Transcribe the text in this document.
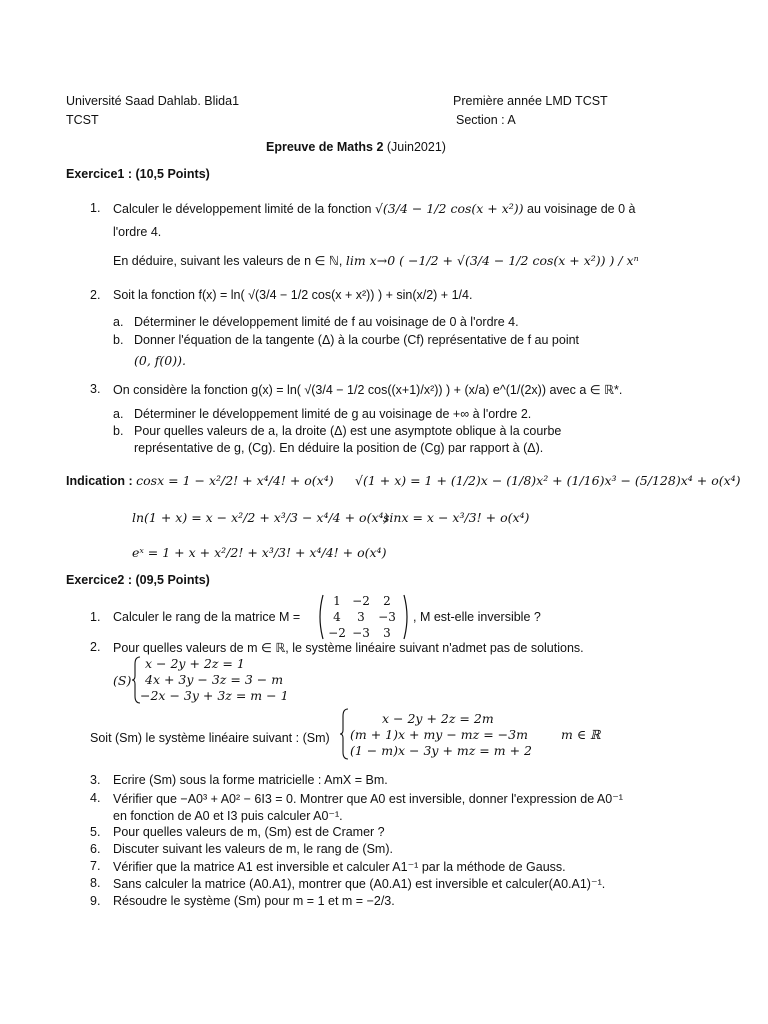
Université Saad Dahlab. Blida1
TCST
Première année LMD TCST
Section : A
Epreuve de Maths 2 (Juin2021)
Exercice1 : (10,5 Points)
1. Calculer le développement limité de la fonction √(3/4 − 1/2 cos(x + x²)) au voisinage de 0 à
l'ordre 4.
En déduire, suivant les valeurs de n ∈ ℕ, lim x→0 ( −1/2 + √(3/4 − 1/2 cos(x + x²)) ) / xⁿ
2. Soit la fonction f(x) = ln( √(3/4 − 1/2 cos(x + x²)) ) + sin(x/2) + 1/4.
a. Déterminer le développement limité de f au voisinage de 0 à l'ordre 4.
b. Donner l'équation de la tangente (Δ) à la courbe (Cf) représentative de f au point
(0, f(0)).
3. On considère la fonction g(x) = ln( √(3/4 − 1/2 cos((x+1)/x²)) ) + (x/a) e^(1/(2x)) avec a ∈ ℝ*.
a. Déterminer le développement limité de g au voisinage de +∞ à l'ordre 2.
b. Pour quelles valeurs de a, la droite (Δ) est une asymptote oblique à la courbe
représentative de g, (Cg). En déduire la position de (Cg) par rapport à (Δ).
Indication : cosx = 1 − x²/2! + x⁴/4! + o(x⁴) √(1 + x) = 1 + (1/2)x − (1/8)x² + (1/16)x³ − (5/128)x⁴ + o(x⁴)
ln(1 + x) = x − x²/2 + x³/3 − x⁴/4 + o(x⁴)
sinx = x − x³/3! + o(x⁴)
eˣ = 1 + x + x²/2! + x³/3! + x⁴/4! + o(x⁴)
Exercice2 : (09,5 Points)
1. Calculer le rang de la matrice M =
1 −2	2
4	3	−3
−2 −3	3
, M est-elle inversible ?
2. Pour quelles valeurs de m ∈ ℝ, le système linéaire suivant n'admet pas de solutions.
(S)
x − 2y + 2z = 1
4x + 3y − 3z = 3 − m
−2x − 3y + 3z = m − 1
Soit (Sm) le système linéaire suivant : (Sm)
x − 2y + 2z = 2m
(m + 1)x + my − mz = −3m
(1 − m)x − 3y + mz = m + 2
m ∈ ℝ
3. Ecrire (Sm) sous la forme matricielle : AmX = Bm.
4. Vérifier que −A0³ + A0² − 6I3 = 0. Montrer que A0 est inversible, donner l'expression de A0⁻¹
en fonction de A0 et I3 puis calculer A0⁻¹.
5. Pour quelles valeurs de m, (Sm) est de Cramer ?
6. Discuter suivant les valeurs de m, le rang de (Sm).
7. Vérifier que la matrice A1 est inversible et calculer A1⁻¹ par la méthode de Gauss.
8. Sans calculer la matrice (A0.A1), montrer que (A0.A1) est inversible et calculer(A0.A1)⁻¹.
9. Résoudre le système (Sm) pour m = 1 et m = −2/3.
